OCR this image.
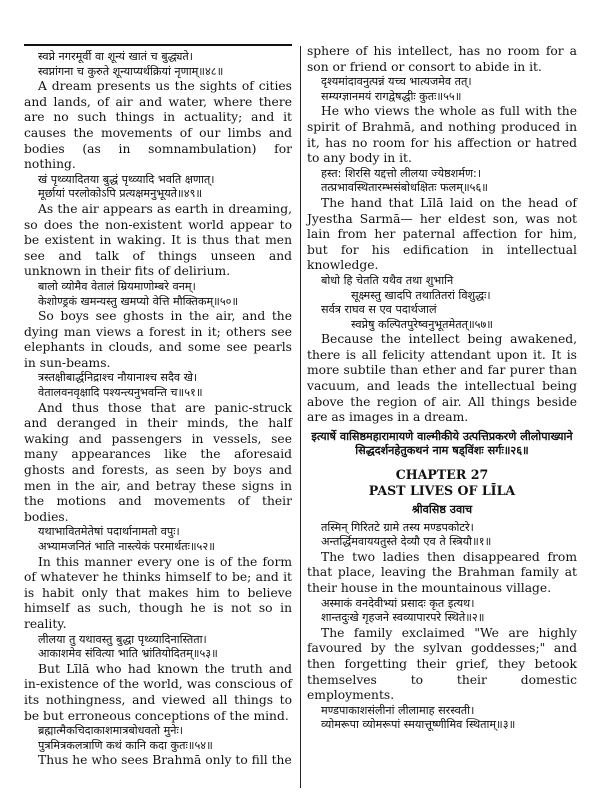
स्वप्ने नगरमूर्वी वा शून्यं खातं च बुद्ध्यते।

स्वप्नांगना च कुरुते शून्याप्यर्थक्रियां नृणाम्॥४८॥

A dream presents us the sights of cities and lands, of air and water, where there are no such things in actuality; and it causes the movements of our limbs and bodies (as in somnambulation) for nothing.

खं पृथ्व्यादितया बुद्धं पृथ्व्यादि भवति क्षणात्।

मूर्छायां परलोकोऽपि प्रत्यक्षमनुभूयते॥४९॥

As the air appears as earth in dreaming, so does the non-existent world appear to be existent in waking. It is thus that men see and talk of things unseen and unknown in their fits of delirium.

बालो व्योमैव वेतालं म्रियमाणोम्बरे वनम्।

केशोण्ड्रकं खमन्यस्तु खमप्यो वेत्ति मौक्तिकम्॥५०॥

So boys see ghosts in the air, and the dying man views a forest in it; others see elephants in clouds, and some see pearls in sun-beams.

त्रस्तक्षीबार्द्धनिद्राश्च नौयानाश्च सदैव खे।

वेतालवनवृक्षादि पश्यन्त्यनुभवन्ति च॥५१॥

And thus those that are panic-struck and deranged in their minds, the half waking and passengers in vessels, see many appearances like the aforesaid ghosts and forests, as seen by boys and men in the air, and betray these signs in the motions and movements of their bodies.

यथाभावितमेतेषां पदार्थानामतो वपुः।

अभ्यामजनितं भाति नास्त्येकं परमार्थतः॥५२॥

In this manner every one is of the form of whatever he thinks himself to be; and it is habit only that makes him to believe himself as such, though he is not so in reality.

लीलया तु यथावस्तु बुद्धा पृथ्व्यादिनास्तिता।

आकाशमेव संवित्या भाति भ्रांतियोदितम्॥५३॥

But Līlā who had known the truth and in-existence of the world, was conscious of its nothingness, and viewed all things to be but erroneous conceptions of the mind.

ब्रह्मात्मैकचिदाकाशमात्रबोधवतो मुनेः।

पुत्रमित्रकलत्राणि कथं कानि कदा कुतः॥५४॥

Thus he who sees Brahmā only to fill the

sphere of his intellect, has no room for a son or friend or consort to abide in it.

दृश्यमांदावनुत्पन्नं यच्च भात्यजमेव तत्।

सम्यग्ज्ञानमयं रागद्वेषद्धीः कुतः॥५५॥

He who views the whole as full with the spirit of Brahmā, and nothing produced in it, has no room for his affection or hatred to any body in it.

हस्त: शिरसि यद्दत्तो लीलया ज्येष्ठशर्मण:।

तत्प्रभावस्थितारम्भसंबोधक्षितः फलम्॥५६॥

The hand that Līlā laid on the head of Jyestha Sarmā— her eldest son, was not lain from her paternal affection for him, but for his edification in intellectual knowledge.

बोधो हि चेतति यथैव तथा शुभानि

सूक्ष्मस्तु खादपि तथातितरां विशुद्धः।

सर्वत्र राघव स एव पदार्थजालं

स्वप्नेषु कल्पितपुरेष्वनुभूतमेतत्॥५७॥

Because the intellect being awakened, there is all felicity attendant upon it. It is more subtile than ether and far purer than vacuum, and leads the intellectual being above the region of air. All things beside are as images in a dream.

इत्यार्षे वासिष्ठमहारामायणे वाल्मीकीये उत्पत्तिप्रकरणे लीलोपाख्याने सिद्धदर्शनहेतुकथनं नाम षड्विंशः सर्गः॥२६॥

CHAPTER 27

PAST LIVES OF LĪLA

श्रीवसिष्ठ उवाच

तस्मिन् गिरितटे ग्रामे तस्य मण्डपकोटरे।

अन्तर्द्धिमवाययतुस्ते देव्यौ एव ते स्त्रियौ॥१॥

The two ladies then disappeared from that place, leaving the Brahman family at their house in the mountainous village.

अस्माकं वनदेवीभ्यां प्रसादः कृत इत्यथ।

शान्तदुःखे गृहजने स्वव्यापारपरे स्थिते॥२॥

The family exclaimed "We are highly favoured by the sylvan goddesses;" and then forgetting their grief, they betook themselves to their domestic employments.

मण्डपाकाशसंलीनां लीलामाह सरस्वती।

व्योमरूपा व्योमरूपां स्मयात्तूष्णीमिव स्थिताम्॥३॥
